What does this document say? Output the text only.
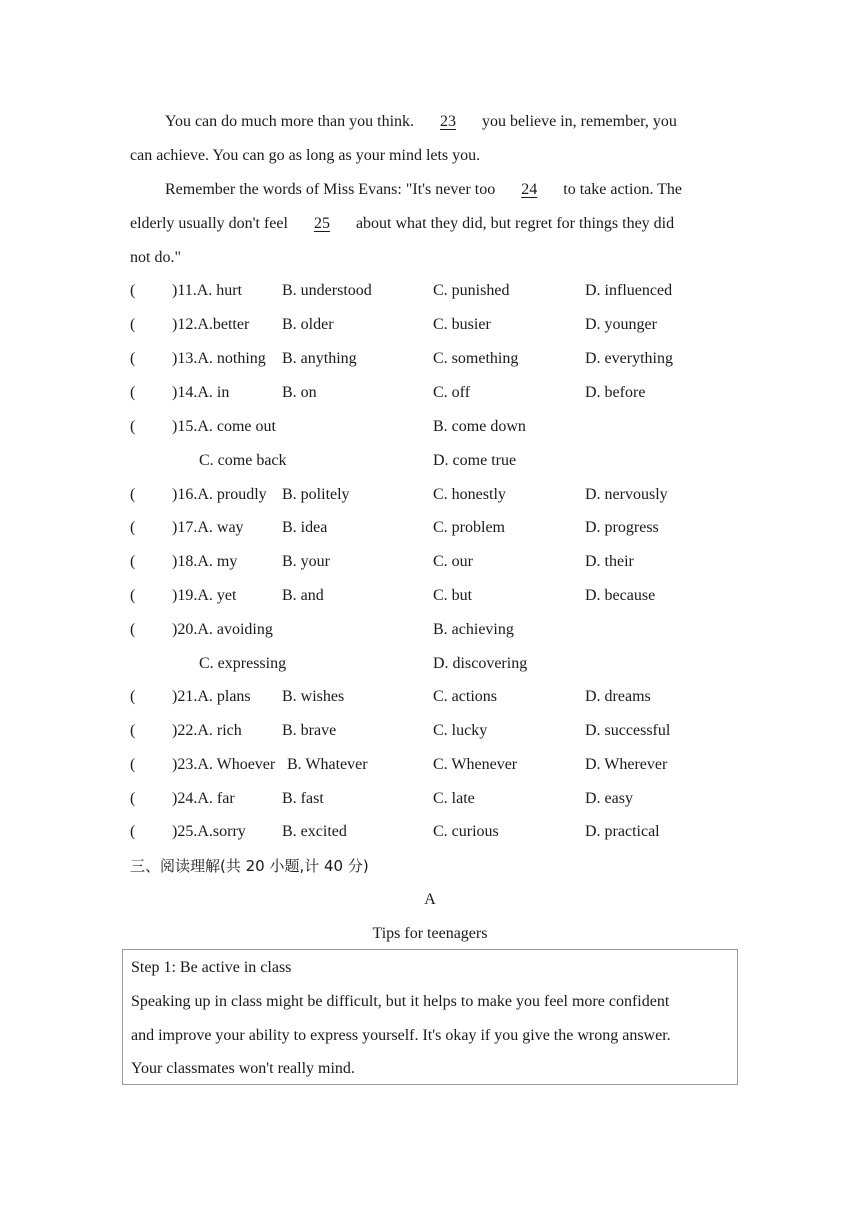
You can do much more than you think. 23 you believe in, remember, you
can achieve. You can go as long as your mind lets you.
Remember the words of Miss Evans: "It's never too 24 to take action. The
elderly usually don't feel 25 about what they did, but regret for things they did
not do."
( )11.A. hurt B. understood	C. punished	D. influenced
( )12.A.better B. older	C. busier	D. younger
( )13.A. nothing B. anything	C. something	D. everything
( )14.A. in	B. on	C. off	D. before
( )15.A. come out	B. come down
C. come back	D. come true
( )16.A. proudly B. politely	C. honestly	D. nervously
( )17.A. way B. idea	C. problem	D. progress
( )18.A. my	B. your	C. our	D. their
( )19.A. yet	B. and	C. but	D. because
( )20.A. avoiding	B. achieving
C. expressing	D. discovering
( )21.A. plans B. wishes	C. actions	D. dreams
( )22.A. rich	B. brave	C. lucky	D. successful
( )23.A. Whoever B. Whatever	C. Whenever	D. Wherever
( )24.A. far	B. fast	C. late	D. easy
( )25.A.sorry B. excited	C. curious	D. practical
三、阅读理解(共 20 小题,计 40 分)
A
Tips for teenagers
Step 1: Be active in class
Speaking up in class might be difficult, but it helps to make you feel more confident
and improve your ability to express yourself. It's okay if you give the wrong answer.
Your classmates won't really mind.
